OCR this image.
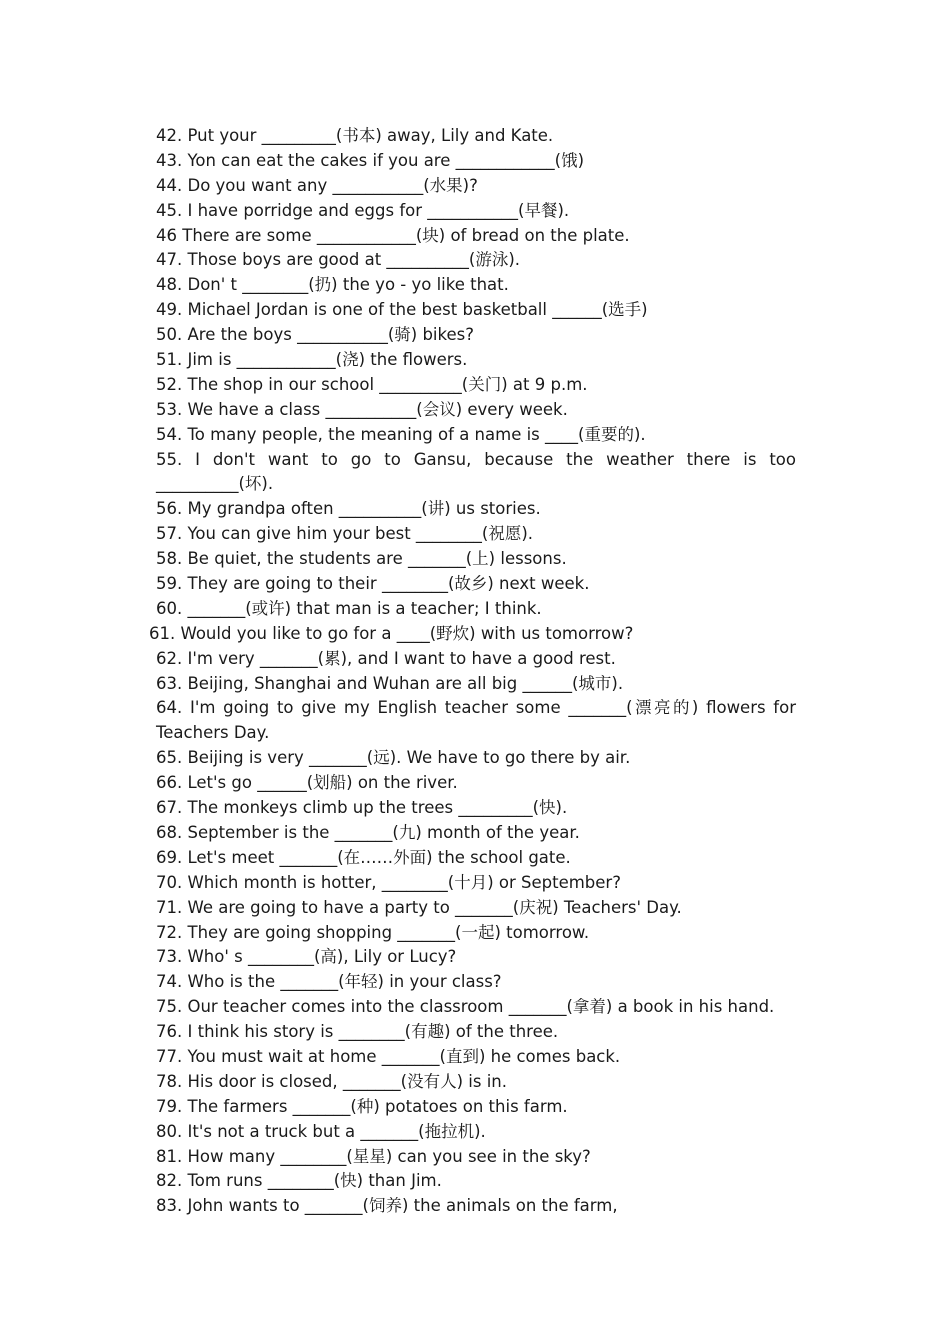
42. Put your _________(书本) away, Lily and Kate.
43. Yon can eat the cakes if you are ____________(饿)
44. Do you want any ___________(水果)?
45. I have porridge and eggs for ___________(早餐).
46 There are some ____________(块) of bread on the plate.
47. Those boys are good at __________(游泳).
48. Don' t ________(扔) the yo - yo like that.
49. Michael Jordan is one of the best basketball ______(选手)
50. Are the boys ___________(骑) bikes?
51. Jim is ____________(浇) the flowers.
52. The shop in our school __________(关门) at 9 p.m.
53. We have a class ___________(会议) every week.
54. To many people, the meaning of a name is ____(重要的).
55. I don't want to go to Gansu, because the weather there is too
__________(坏).
56. My grandpa often __________(讲) us stories.
57. You can give him your best ________(祝愿).
58. Be quiet, the students are _______(上) lessons.
59. They are going to their ________(故乡) next week.
60. _______(或许) that man is a teacher; I think.
61. Would you like to go for a ____(野炊) with us tomorrow?
62. I'm very _______(累), and I want to have a good rest.
63. Beijing, Shanghai and Wuhan are all big ______(城市).
64. I'm going to give my English teacher some _______(漂亮的) flowers for
Teachers Day.
65. Beijing is very _______(远). We have to go there by air.
66. Let's go ______(划船) on the river.
67. The monkeys climb up the trees _________(快).
68. September is the _______(九) month of the year.
69. Let's meet _______(在……外面) the school gate.
70. Which month is hotter, ________(十月) or September?
71. We are going to have a party to _______(庆祝) Teachers' Day.
72. They are going shopping _______(一起) tomorrow.
73. Who' s ________(高), Lily or Lucy?
74. Who is the _______(年轻) in your class?
75. Our teacher comes into the classroom _______(拿着) a book in his hand.
76. I think his story is ________(有趣) of the three.
77. You must wait at home _______(直到) he comes back.
78. His door is closed, _______(没有人) is in.
79. The farmers _______(种) potatoes on this farm.
80. It's not a truck but a _______(拖拉机).
81. How many ________(星星) can you see in the sky?
82. Tom runs ________(快) than Jim.
83. John wants to _______(饲养) the animals on the farm,
